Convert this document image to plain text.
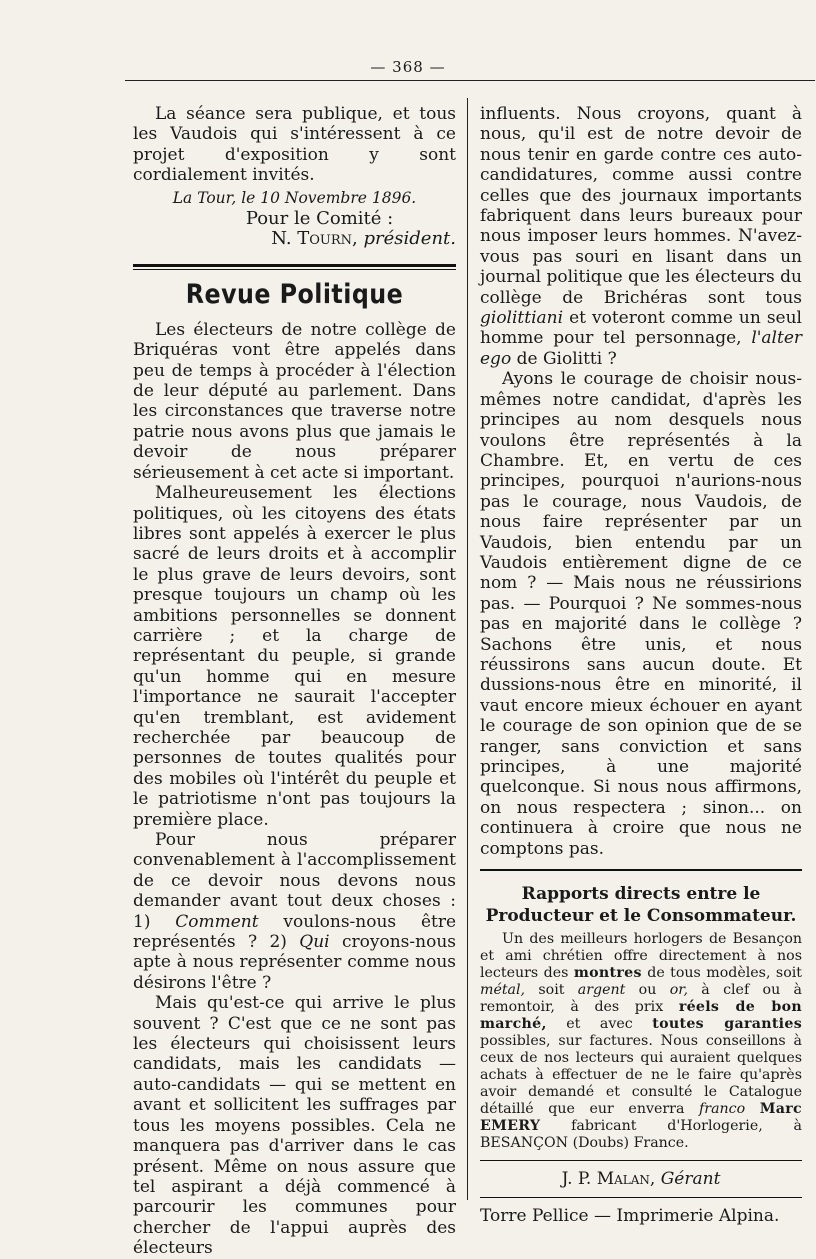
— 368 —

La séance sera publique, et tous les Vaudois qui s'intéressent à ce projet d'exposition y sont cordialement invités.

La Tour, le 10 Novembre 1896.

Pour le Comité :

N. Tourn, président.

Revue Politique

Les électeurs de notre collège de Briquéras vont être appelés dans peu de temps à procéder à l'élection de leur député au parlement. Dans les circonstances que traverse notre patrie nous avons plus que jamais le devoir de nous préparer sérieusement à cet acte si important.

Malheureusement les élections politiques, où les citoyens des états libres sont appelés à exercer le plus sacré de leurs droits et à accomplir le plus grave de leurs devoirs, sont presque toujours un champ où les ambitions personnelles se donnent carrière ; et la charge de représentant du peuple, si grande qu'un homme qui en mesure l'importance ne saurait l'accepter qu'en tremblant, est avidement recherchée par beaucoup de personnes de toutes qualités pour des mobiles où l'intérêt du peuple et le patriotisme n'ont pas toujours la première place.

Pour nous préparer convenablement à l'accomplissement de ce devoir nous devons nous demander avant tout deux choses : 1) Comment voulons-nous être représentés ? 2) Qui croyons-nous apte à nous représenter comme nous désirons l'être ?

Mais qu'est-ce qui arrive le plus souvent ? C'est que ce ne sont pas les électeurs qui choisissent leurs candidats, mais les candidats — auto-candidats — qui se mettent en avant et sollicitent les suffrages par tous les moyens possibles. Cela ne manquera pas d'arriver dans le cas présent. Même on nous assure que tel aspirant a déjà commencé à parcourir les communes pour chercher de l'appui auprès des électeurs

influents. Nous croyons, quant à nous, qu'il est de notre devoir de nous tenir en garde contre ces auto-candidatures, comme aussi contre celles que des journaux importants fabriquent dans leurs bureaux pour nous imposer leurs hommes. N'avez-vous pas souri en lisant dans un journal politique que les électeurs du collège de Brichéras sont tous giolittiani et voteront comme un seul homme pour tel personnage, l'alter ego de Giolitti ?

Ayons le courage de choisir nous-mêmes notre candidat, d'après les principes au nom desquels nous voulons être représentés à la Chambre. Et, en vertu de ces principes, pourquoi n'aurions-nous pas le courage, nous Vaudois, de nous faire représenter par un Vaudois, bien entendu par un Vaudois entièrement digne de ce nom ? — Mais nous ne réussirions pas. — Pourquoi ? Ne sommes-nous pas en majorité dans le collège ? Sachons être unis, et nous réussirons sans aucun doute. Et dussions-nous être en minorité, il vaut encore mieux échouer en ayant le courage de son opinion que de se ranger, sans conviction et sans principes, à une majorité quelconque. Si nous nous affirmons, on nous respectera ; sinon... on continuera à croire que nous ne comptons pas.

Rapports directs entre le Producteur et le Consommateur.

Un des meilleurs horlogers de Besançon et ami chrétien offre directement à nos lecteurs des montres de tous modèles, soit métal, soit argent ou or, à clef ou à remontoir, à des prix réels de bon marché, et avec toutes garanties possibles, sur factures. Nous conseillons à ceux de nos lecteurs qui auraient quelques achats à effectuer de ne le faire qu'après avoir demandé et consulté le Catalogue détaillé que eur enverra franco Marc EMERY fabricant d'Horlogerie, à BESANÇON (Doubs) France.

J. P. Malan, Gérant
Torre Pellice — Imprimerie Alpina.
